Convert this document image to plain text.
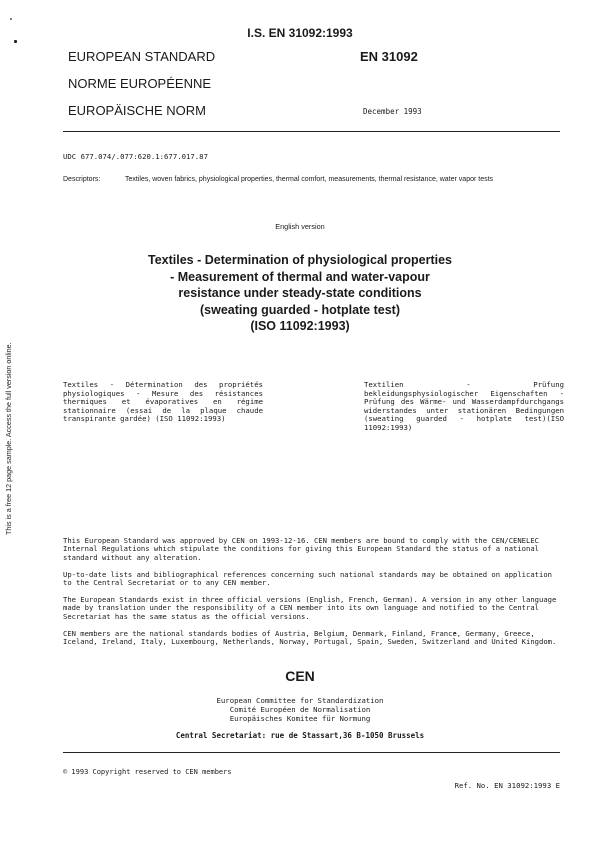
I.S. EN 31092:1993
EUROPEAN STANDARD
NORME EUROPÉENNE
EUROPÄISCHE NORM
EN 31092
December 1993
UDC 677.074/.077:620.1:677.017.87
Descriptors:	Textiles, woven fabrics, physiological properties, thermal comfort, measurements, thermal resistance, water vapor tests
English version
Textiles - Determination of physiological properties
- Measurement of thermal and water-vapour
resistance under steady-state conditions
(sweating guarded - hotplate test)
(ISO 11092:1993)
Textiles - Détermination des propriétés physiologiques - Mesure des résistances thermiques et évaporatives en régime stationnaire (essai de la plaque chaude transpirante gardée) (ISO 11092:1993)
Textilien - Prüfung bekleidungsphysiologischer Eigenschaften - Prüfung des Wärme- und Wasserdampfdurchgangs widerstandes unter stationären Bedingungen (sweating guarded - hotplate test)(ISO 11092:1993)
This European Standard was approved by CEN on 1993-12-16. CEN members are bound to comply with the CEN/CENELEC Internal Regulations which stipulate the conditions for giving this European Standard the status of a national standard without any alteration.
Up-to-date lists and bibliographical references concerning such national standards may be obtained on application to the Central Secretariat or to any CEN member.
The European Standards exist in three official versions (English, French, German). A version in any other language made by translation under the responsibility of a CEN member into its own language and notified to the Central Secretariat has the same status as the official versions.
CEN members are the national standards bodies of Austria, Belgium, Denmark, Finland, France, Germany, Greece, Iceland, Ireland, Italy, Luxembourg, Netherlands, Norway, Portugal, Spain, Sweden, Switzerland and United Kingdom.
CEN
European Committee for Standardization
Comité Européen de Normalisation
Europäisches Komitee für Normung
Central Secretariat: rue de Stassart,36 B-1050 Brussels
© 1993 Copyright reserved to CEN members
Ref. No. EN 31092:1993 E
This is a free 12 page sample. Access the full version online.
